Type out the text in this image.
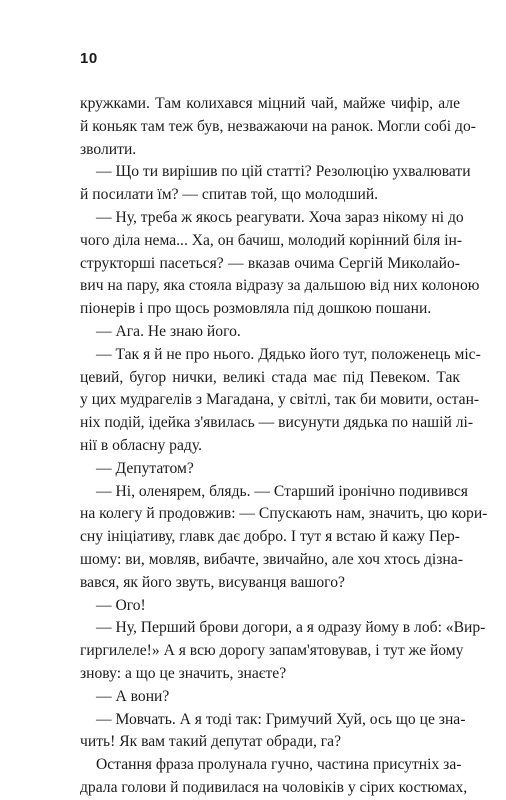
10
кружками. Там колихався міцний чай, майже чифір, але
й коньяк там теж був, незважаючи на ранок. Могли собі до-
зволити.
— Що ти вирішив по цій статті? Резолюцію ухвалювати
й посилати їм? — спитав той, що молодший.
— Ну, треба ж якось реагувати. Хоча зараз нікому ні до
чого діла нема... Ха, он бачиш, молодий корінний біля ін-
структорші пасеться? — вказав очима Сергій Миколайо-
вич на пару, яка стояла відразу за дальшою від них колоною
піонерів і про щось розмовляла під дошкою пошани.
— Ага. Не знаю його.
— Так я й не про нього. Дядько його тут, положенець міс-
цевий, бугор нички, великі стада має під Певеком. Так
у цих мудрагелів з Магадана, у світлі, так би мовити, остан-
ніх подій, ідейка з'явилась — висунути дядька по нашій лі-
нії в обласну раду.
— Депутатом?
— Ні, оленярем, блядь. — Старший іронічно подивився
на колегу й продовжив: — Спускають нам, значить, цю кори-
сну ініціативу, главк дає добро. І тут я встаю й кажу Пер-
шому: ви, мовляв, вибачте, звичайно, але хоч хтось дізна-
вався, як його звуть, висуванця вашого?
— Ого!
— Ну, Перший брови догори, а я одразу йому в лоб: «Вир-
гиргилеле!» А я всю дорогу запам'ятовував, і тут же йому
знову: а що це значить, знаєте?
— А вони?
— Мовчать. А я тоді так: Гримучий Хуй, ось що це зна-
чить! Як вам такий депутат обради, га?
Остання фраза пролунала гучно, частина присутніх за-
драла голови й подивилася на чоловіків у сірих костюмах,
